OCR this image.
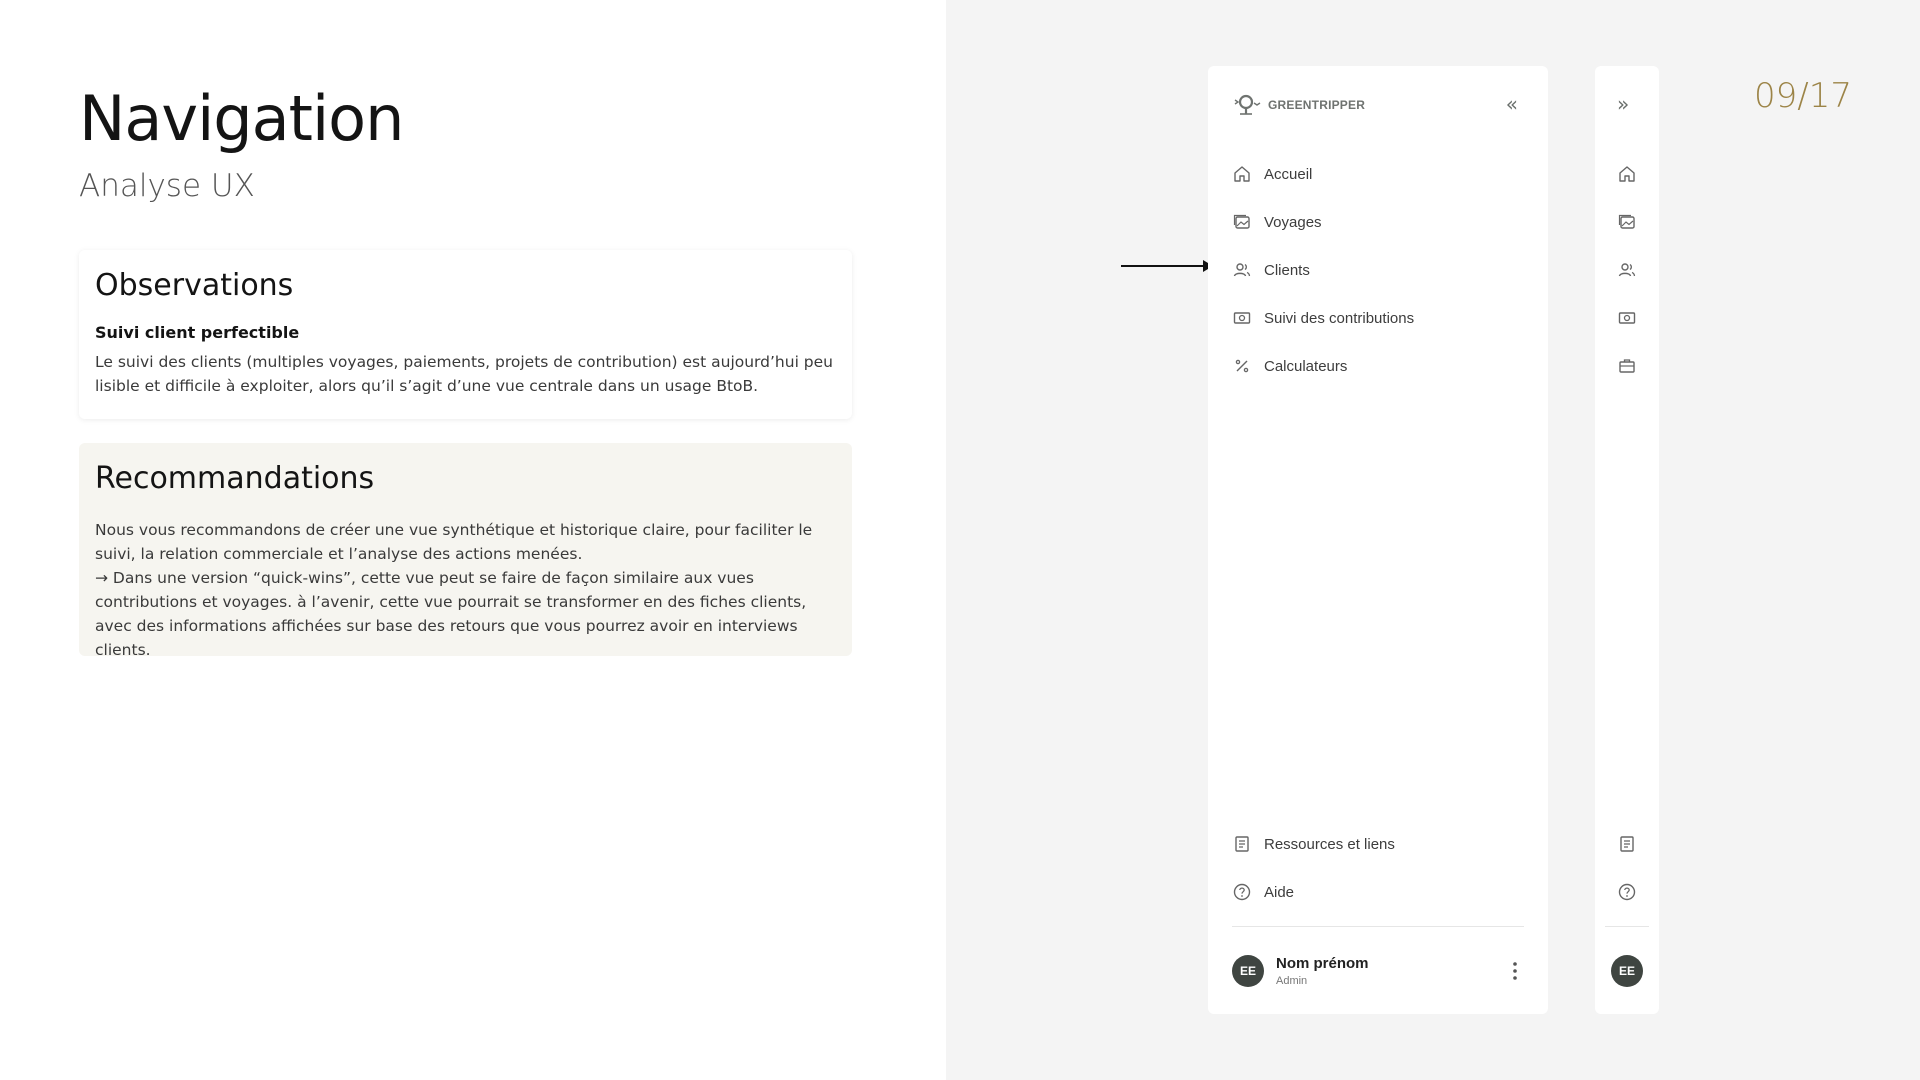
Navigation
Analyse UX
Observations
Suivi client perfectible

Le suivi des clients (multiples voyages, paiements, projets de contribution) est aujourd’hui peu lisible et difficile à exploiter, alors qu’il s’agit d’une vue centrale dans un usage BtoB.

Recommandations

Nous vous recommandons de créer une vue synthétique et historique claire, pour faciliter le suivi, la relation commerciale et l’analyse des actions menées.

→ Dans une version “quick-wins”, cette vue peut se faire de façon similaire aux vues contributions et voyages. à l’avenir, cette vue pourrait se transformer en des fiches clients, avec des informations affichées sur base des retours que vous pourrez avoir en interviews clients.

GREENTRIPPER	«
Accueil
Voyages
Clients
Suivi des contributions
Calculateurs
Ressources et liens
Aide
EE	Nom prénom
Admin
»
EE
09/17
